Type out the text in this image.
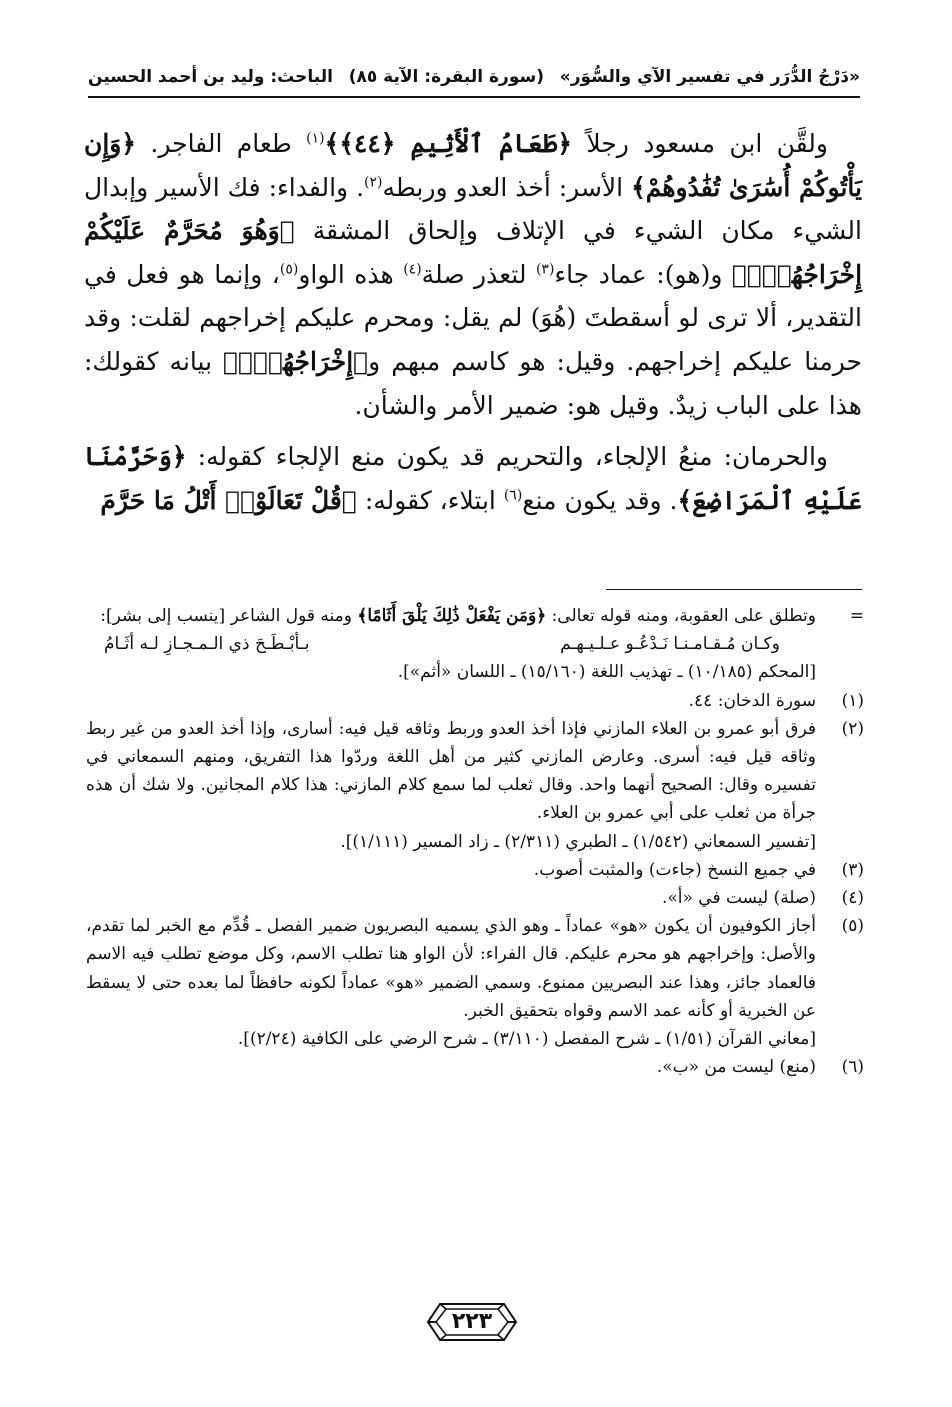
«دَرْجُ الدُّرَر في تفسير الآي والسُّوَر»
(سورة البقرة: الآية ٨٥)
الباحث: وليد بن أحمد الحسين

ولقَّن ابن مسعود رجلاً ﴿طَعَامُ ٱلْأَثِيمِ ﴿٤٤﴾﴾$^{(١)}$ طعام الفاجر. ﴿وَإِن يَأْتُوكُمْ أُسَٰرَىٰ تُفَٰدُوهُمْ﴾ الأسر: أخذ العدو وربطه$^{(٢)}$. والفداء: فك الأسير وإبدال الشيء مكان الشيء في الإتلاف وإلحاق المشقة ﴿وَهُوَ مُحَرَّمٌ عَلَيْكُمْ إِخْرَاجُهُمْۚ﴾ و(هو): عماد جاء$^{(٣)}$ لتعذر صلة$^{(٤)}$ هذه الواو$^{(٥)}$، وإنما هو فعل في التقدير، ألا ترى لو أسقطتَ (هُوَ) لم يقل: ومحرم عليكم إخراجهم لقلت: وقد حرمنا عليكم إخراجهم. وقيل: هو كاسم مبهم و﴿إِخْرَاجُهُمْۚ﴾ بيانه كقولك: هذا على الباب زيدٌ. وقيل هو: ضمير الأمر والشأن.

والحرمان: منعُ الإلجاء، والتحريم قد يكون منع الإلجاء كقوله: ﴿وَحَرَّمْنَا عَلَيْهِ ٱلْمَرَاضِعَ﴾. وقد يكون منع$^{(٦)}$ ابتلاء، كقوله: ﴿قُلْ تَعَالَوْا۟ أَتْلُ مَا حَرَّمَ

=
وتطلق على العقوبة، ومنه قوله تعالى: ﴿وَمَن يَفْعَلْ ذَٰلِكَ يَلْقَ أَثَامًا﴾ ومنه قول الشاعر [ينسب إلى بشر]:
وكـان مُـقـامـنـا نَـدْعُـو عـلـيـهـم
بـأبْـطَـحَ ذي الـمـجـازِ لـه أثَـامُ
[المحكم (١٠/١٨٥) ـ تهذيب اللغة (١٥/١٦٠) ـ اللسان «أثم»].
(١)
سورة الدخان: ٤٤.
(٢)
فرق أبو عمرو بن العلاء المازني فإذا أخذ العدو وربط وثاقه قيل فيه: أسارى، وإذا أخذ العدو من غير ربط وثاقه قيل فيه: أسرى. وعارض المازني كثير من أهل اللغة وردّوا هذا التفريق، ومنهم السمعاني في تفسيره وقال: الصحيح أنهما واحد. وقال ثعلب لما سمع كلام المازني: هذا كلام المجانين. ولا شك أن هذه جرأة من ثعلب على أبي عمرو بن العلاء.
[تفسير السمعاني (١/٥٤٢) ـ الطبري (٢/٣١١) ـ زاد المسير (١/١١١)].
(٣)
في جميع النسخ (جاءت) والمثبت أصوب.
(٤)
(صلة) ليست في «أ».
(٥)
أجاز الكوفيون أن يكون «هو» عماداً ـ وهو الذي يسميه البصريون ضمير الفصل ـ قُدِّم مع الخبر لما تقدم، والأصل: وإخراجهم هو محرم عليكم. قال الفراء: لأن الواو هنا تطلب الاسم، وكل موضع تطلب فيه الاسم فالعماد جائز، وهذا عند البصريين ممنوع. وسمي الضمير «هو» عماداً لكونه حافظاً لما بعده حتى لا يسقط عن الخبرية أو كأنه عمد الاسم وقواه بتحقيق الخبر.
[معاني القرآن (١/٥١) ـ شرح المفصل (٣/١١٠) ـ شرح الرضي على الكافية (٢/٢٤)].
(٦)
(منع) ليست من «ب».
٢٢٣
